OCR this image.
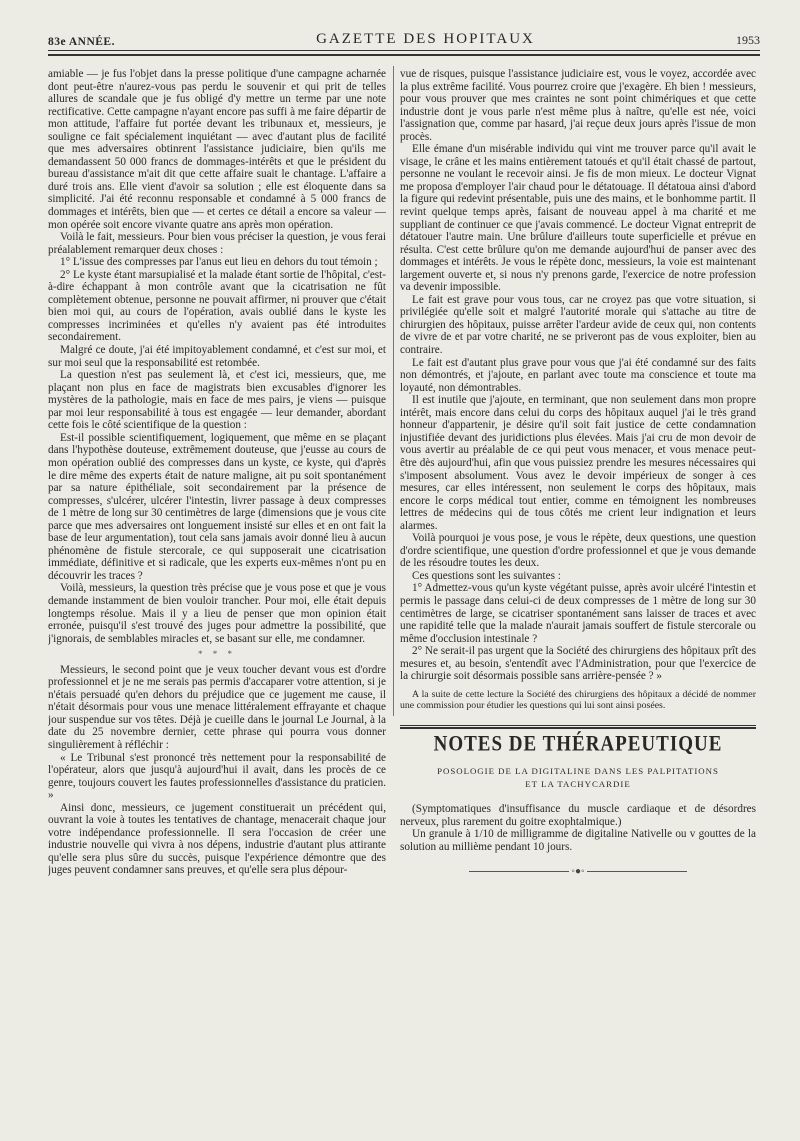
83e ANNÉE.	GAZETTE DES HOPITAUX	1953

amiable — je fus l'objet dans la presse politique d'une campagne acharnée dont peut-être n'aurez-vous pas perdu le souvenir et qui prit de telles allures de scandale que je fus obligé d'y mettre un terme par une note rectificative. Cette campagne n'ayant encore pas suffi à me faire départir de mon attitude, l'affaire fut portée devant les tribunaux et, messieurs, je souligne ce fait spécialement inquiétant — avec d'autant plus de facilité que mes adversaires obtinrent l'assistance judiciaire, bien qu'ils me demandassent 50 000 francs de dommages-intérêts et que le président du bureau d'assistance m'ait dit que cette affaire suait le chantage. L'affaire a duré trois ans. Elle vient d'avoir sa solution ; elle est éloquente dans sa simplicité. J'ai été reconnu responsable et condamné à 5 000 francs de dommages et intérêts, bien que — et certes ce détail a encore sa valeur — mon opérée soit encore vivante quatre ans après mon opération.

Voilà le fait, messieurs. Pour bien vous préciser la question, je vous ferai préalablement remarquer deux choses :

1° L'issue des compresses par l'anus eut lieu en dehors du tout témoin ;

2° Le kyste étant marsupialisé et la malade étant sortie de l'hôpital, c'est-à-dire échappant à mon contrôle avant que la cicatrisation ne fût complètement obtenue, personne ne pouvait affirmer, ni prouver que c'était bien moi qui, au cours de l'opération, avais oublié dans le kyste les compresses incriminées et qu'elles n'y avaient pas été introduites secondairement.

Malgré ce doute, j'ai été impitoyablement condamné, et c'est sur moi, et sur moi seul que la responsabilité est retombée.

La question n'est pas seulement là, et c'est ici, messieurs, que, me plaçant non plus en face de magistrats bien excusables d'ignorer les mystères de la pathologie, mais en face de mes pairs, je viens — puisque par moi leur responsabilité à tous est engagée — leur demander, abordant cette fois le côté scientifique de la question :

Est-il possible scientifiquement, logiquement, que même en se plaçant dans l'hypothèse douteuse, extrêmement douteuse, que j'eusse au cours de mon opération oublié des compresses dans un kyste, ce kyste, qui d'après le dire même des experts était de nature maligne, ait pu soit spontanément par sa nature épithéliale, soit secondairement par la présence de compresses, s'ulcérer, ulcérer l'intestin, livrer passage à deux compresses de 1 mètre de long sur 30 centimètres de large (dimensions que je vous cite parce que mes adversaires ont longuement insisté sur elles et en ont fait la base de leur argumentation), tout cela sans jamais avoir donné lieu à aucun phénomène de fistule stercorale, ce qui supposerait une cicatrisation immédiate, définitive et si radicale, que les experts eux-mêmes n'ont pu en découvrir les traces ?

Voilà, messieurs, la question très précise que je vous pose et que je vous demande instamment de bien vouloir trancher. Pour moi, elle était depuis longtemps résolue. Mais il y a lieu de penser que mon opinion était erronée, puisqu'il s'est trouvé des juges pour admettre la possibilité, que j'ignorais, de semblables miracles et, se basant sur elle, me condamner.

* * *

Messieurs, le second point que je veux toucher devant vous est d'ordre professionnel et je ne me serais pas permis d'accaparer votre attention, si je n'étais persuadé qu'en dehors du préjudice que ce jugement me cause, il n'était désormais pour vous une menace littéralement effrayante et chaque jour suspendue sur vos têtes. Déjà je cueille dans le journal Le Journal, à la date du 25 novembre dernier, cette phrase qui pourra vous donner singulièrement à réfléchir :

« Le Tribunal s'est prononcé très nettement pour la responsabilité de l'opérateur, alors que jusqu'à aujourd'hui il avait, dans les procès de ce genre, toujours couvert les fautes professionnelles d'assistance du praticien. »

Ainsi donc, messieurs, ce jugement constituerait un précédent qui, ouvrant la voie à toutes les tentatives de chantage, menacerait chaque jour votre indépendance professionnelle. Il sera l'occasion de créer une industrie nouvelle qui vivra à nos dépens, industrie d'autant plus attirante qu'elle sera plus sûre du succès, puisque l'expérience démontre que des juges peuvent condamner sans preuves, et qu'elle sera plus dépour-

vue de risques, puisque l'assistance judiciaire est, vous le voyez, accordée avec la plus extrême facilité. Vous pourrez croire que j'exagère. Eh bien ! messieurs, pour vous prouver que mes craintes ne sont point chimériques et que cette industrie dont je vous parle n'est même plus à naître, qu'elle est née, voici l'assignation que, comme par hasard, j'ai reçue deux jours après l'issue de mon procès.

Elle émane d'un misérable individu qui vint me trouver parce qu'il avait le visage, le crâne et les mains entièrement tatoués et qu'il était chassé de partout, personne ne voulant le recevoir ainsi. Je fis de mon mieux. Le docteur Vignat me proposa d'employer l'air chaud pour le détatouage. Il détatoua ainsi d'abord la figure qui redevint présentable, puis une des mains, et le bonhomme partit. Il revint quelque temps après, faisant de nouveau appel à ma charité et me suppliant de continuer ce que j'avais commencé. Le docteur Vignat entreprit de détatouer l'autre main. Une brûlure d'ailleurs toute superficielle et prévue en résulta. C'est cette brûlure qu'on me demande aujourd'hui de panser avec des dommages et intérêts. Je vous le répète donc, messieurs, la voie est maintenant largement ouverte et, si nous n'y prenons garde, l'exercice de notre profession va devenir impossible.

Le fait est grave pour vous tous, car ne croyez pas que votre situation, si privilégiée qu'elle soit et malgré l'autorité morale qui s'attache au titre de chirurgien des hôpitaux, puisse arrêter l'ardeur avide de ceux qui, non contents de vivre de et par votre charité, ne se priveront pas de vous exploiter, bien au contraire.

Le fait est d'autant plus grave pour vous que j'ai été condamné sur des faits non démontrés, et j'ajoute, en parlant avec toute ma conscience et toute ma loyauté, non démontrables.

Il est inutile que j'ajoute, en terminant, que non seulement dans mon propre intérêt, mais encore dans celui du corps des hôpitaux auquel j'ai le très grand honneur d'appartenir, je désire qu'il soit fait justice de cette condamnation injustifiée devant des juridictions plus élevées. Mais j'ai cru de mon devoir de vous avertir au préalable de ce qui peut vous menacer, et vous menace peut-être dès aujourd'hui, afin que vous puissiez prendre les mesures nécessaires qui s'imposent absolument. Vous avez le devoir impérieux de songer à ces mesures, car elles intéressent, non seulement le corps des hôpitaux, mais encore le corps médical tout entier, comme en témoignent les nombreuses lettres de médecins qui de tous côtés me crient leur indignation et leurs alarmes.

Voilà pourquoi je vous pose, je vous le répète, deux questions, une question d'ordre scientifique, une question d'ordre professionnel et que je vous demande de les résoudre toutes les deux.

Ces questions sont les suivantes :

1° Admettez-vous qu'un kyste végétant puisse, après avoir ulcéré l'intestin et permis le passage dans celui-ci de deux compresses de 1 mètre de long sur 30 centimètres de large, se cicatriser spontanément sans laisser de traces et avec une rapidité telle que la malade n'aurait jamais souffert de fistule stercorale ou même d'occlusion intestinale ?

2° Ne serait-il pas urgent que la Société des chirurgiens des hôpitaux prît des mesures et, au besoin, s'entendît avec l'Administration, pour que l'exercice de la chirurgie soit désormais possible sans arrière-pensée ? »

A la suite de cette lecture la Société des chirurgiens des hôpitaux a décidé de nommer une commission pour étudier les questions qui lui sont ainsi posées.

NOTES DE THÉRAPEUTIQUE
POSOLOGIE DE LA DIGITALINE DANS LES PALPITATIONS
ET LA TACHYCARDIE

(Symptomatiques d'insuffisance du muscle cardiaque et de désordres nerveux, plus rarement du goitre exophtalmique.)

Un granule à 1/10 de milligramme de digitaline Nativelle ou v gouttes de la solution au millième pendant 10 jours.

◦●◦
